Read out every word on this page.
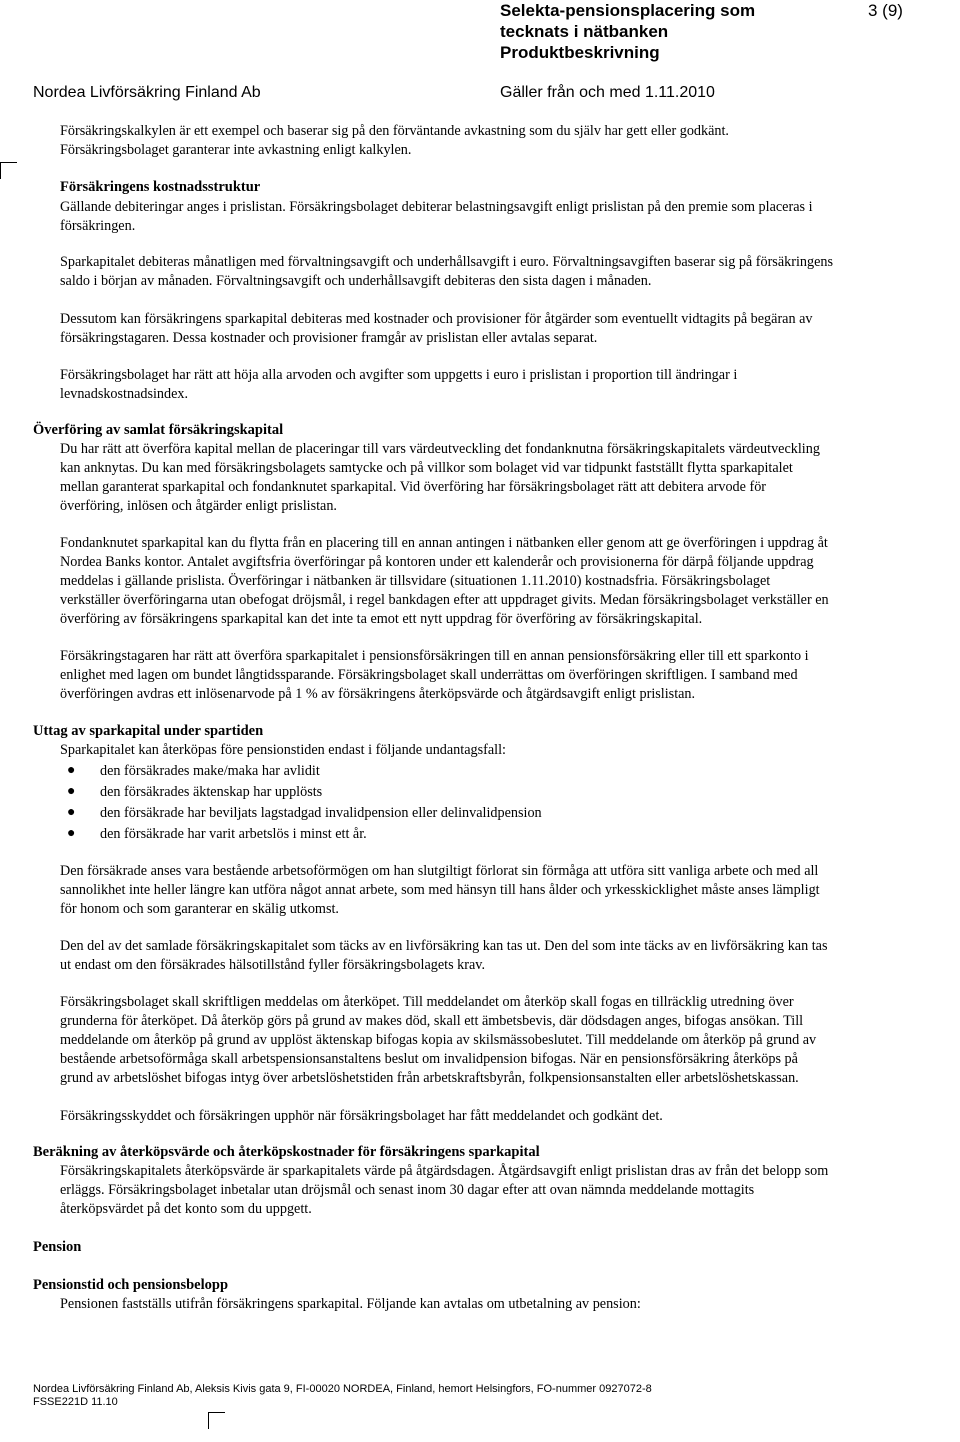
Selekta-pensionsplacering som
tecknats i nätbanken
Produktbeskrivning
3 (9)
Nordea Livförsäkring Finland Ab	Gäller från och med 1.11.2010
Försäkringskalkylen är ett exempel och baserar sig på den förväntande avkastning som du själv har gett eller godkänt.
Försäkringsbolaget garanterar inte avkastning enligt kalkylen.
Försäkringens kostnadsstruktur
Gällande debiteringar anges i prislistan. Försäkringsbolaget debiterar belastningsavgift enligt prislistan på den premie som placeras i
försäkringen.
Sparkapitalet debiteras månatligen med förvaltningsavgift och underhållsavgift i euro. Förvaltningsavgiften baserar sig på försäkringens
saldo i början av månaden. Förvaltningsavgift och underhållsavgift debiteras den sista dagen i månaden.
Dessutom kan försäkringens sparkapital debiteras med kostnader och provisioner för åtgärder som eventuellt vidtagits på begäran av
försäkringstagaren. Dessa kostnader och provisioner framgår av prislistan eller avtalas separat.
Försäkringsbolaget har rätt att höja alla arvoden och avgifter som uppgetts i euro i prislistan i proportion till ändringar i
levnadskostnadsindex.
Överföring av samlat försäkringskapital
Du har rätt att överföra kapital mellan de placeringar till vars värdeutveckling det fondanknutna försäkringskapitalets värdeutveckling
kan anknytas. Du kan med försäkringsbolagets samtycke och på villkor som bolaget vid var tidpunkt fastställt flytta sparkapitalet
mellan garanterat sparkapital och fondanknutet sparkapital. Vid överföring har försäkringsbolaget rätt att debitera arvode för
överföring, inlösen och åtgärder enligt prislistan.
Fondanknutet sparkapital kan du flytta från en placering till en annan antingen i nätbanken eller genom att ge överföringen i uppdrag åt
Nordea Banks kontor. Antalet avgiftsfria överföringar på kontoren under ett kalenderår och provisionerna för därpå följande uppdrag
meddelas i gällande prislista. Överföringar i nätbanken är tillsvidare (situationen 1.11.2010) kostnadsfria. Försäkringsbolaget
verkställer överföringarna utan obefogat dröjsmål, i regel bankdagen efter att uppdraget givits. Medan försäkringsbolaget verkställer en
överföring av försäkringens sparkapital kan det inte ta emot ett nytt uppdrag för överföring av försäkringskapital.
Försäkringstagaren har rätt att överföra sparkapitalet i pensionsförsäkringen till en annan pensionsförsäkring eller till ett sparkonto i
enlighet med lagen om bundet långtidssparande. Försäkringsbolaget skall underrättas om överföringen skriftligen. I samband med
överföringen avdras ett inlösenarvode på 1 % av försäkringens återköpsvärde och åtgärdsavgift enligt prislistan.
Uttag av sparkapital under spartiden
Sparkapitalet kan återköpas före pensionstiden endast i följande undantagsfall:
● den försäkrades make/maka har avlidit
● den försäkrades äktenskap har upplösts
● den försäkrade har beviljats lagstadgad invalidpension eller delinvalidpension
● den försäkrade har varit arbetslös i minst ett år.
Den försäkrade anses vara bestående arbetsoförmögen om han slutgiltigt förlorat sin förmåga att utföra sitt vanliga arbete och med all
sannolikhet inte heller längre kan utföra något annat arbete, som med hänsyn till hans ålder och yrkesskicklighet måste anses lämpligt
för honom och som garanterar en skälig utkomst.
Den del av det samlade försäkringskapitalet som täcks av en livförsäkring kan tas ut. Den del som inte täcks av en livförsäkring kan tas
ut endast om den försäkrades hälsotillstånd fyller försäkringsbolagets krav.
Försäkringsbolaget skall skriftligen meddelas om återköpet. Till meddelandet om återköp skall fogas en tillräcklig utredning över
grunderna för återköpet. Då återköp görs på grund av makes död, skall ett ämbetsbevis, där dödsdagen anges, bifogas ansökan. Till
meddelande om återköp på grund av upplöst äktenskap bifogas kopia av skilsmässobeslutet. Till meddelande om återköp på grund av
bestående arbetsoförmåga skall arbetspensionsanstaltens beslut om invalidpension bifogas. När en pensionsförsäkring återköps på
grund av arbetslöshet bifogas intyg över arbetslöshetstiden från arbetskraftsbyrån, folkpensionsanstalten eller arbetslöshetskassan.
Försäkringsskyddet och försäkringen upphör när försäkringsbolaget har fått meddelandet och godkänt det.
Beräkning av återköpsvärde och återköpskostnader för försäkringens sparkapital
Försäkringskapitalets återköpsvärde är sparkapitalets värde på åtgärdsdagen. Åtgärdsavgift enligt prislistan dras av från det belopp som
erläggs. Försäkringsbolaget inbetalar utan dröjsmål och senast inom 30 dagar efter att ovan nämnda meddelande mottagits
återköpsvärdet på det konto som du uppgett.
Pension
Pensionstid och pensionsbelopp
Pensionen fastställs utifrån försäkringens sparkapital. Följande kan avtalas om utbetalning av pension:
Nordea Livförsäkring Finland Ab, Aleksis Kivis gata 9, FI-00020 NORDEA, Finland, hemort Helsingfors, FO-nummer 0927072-8
FSSE221D 11.10
